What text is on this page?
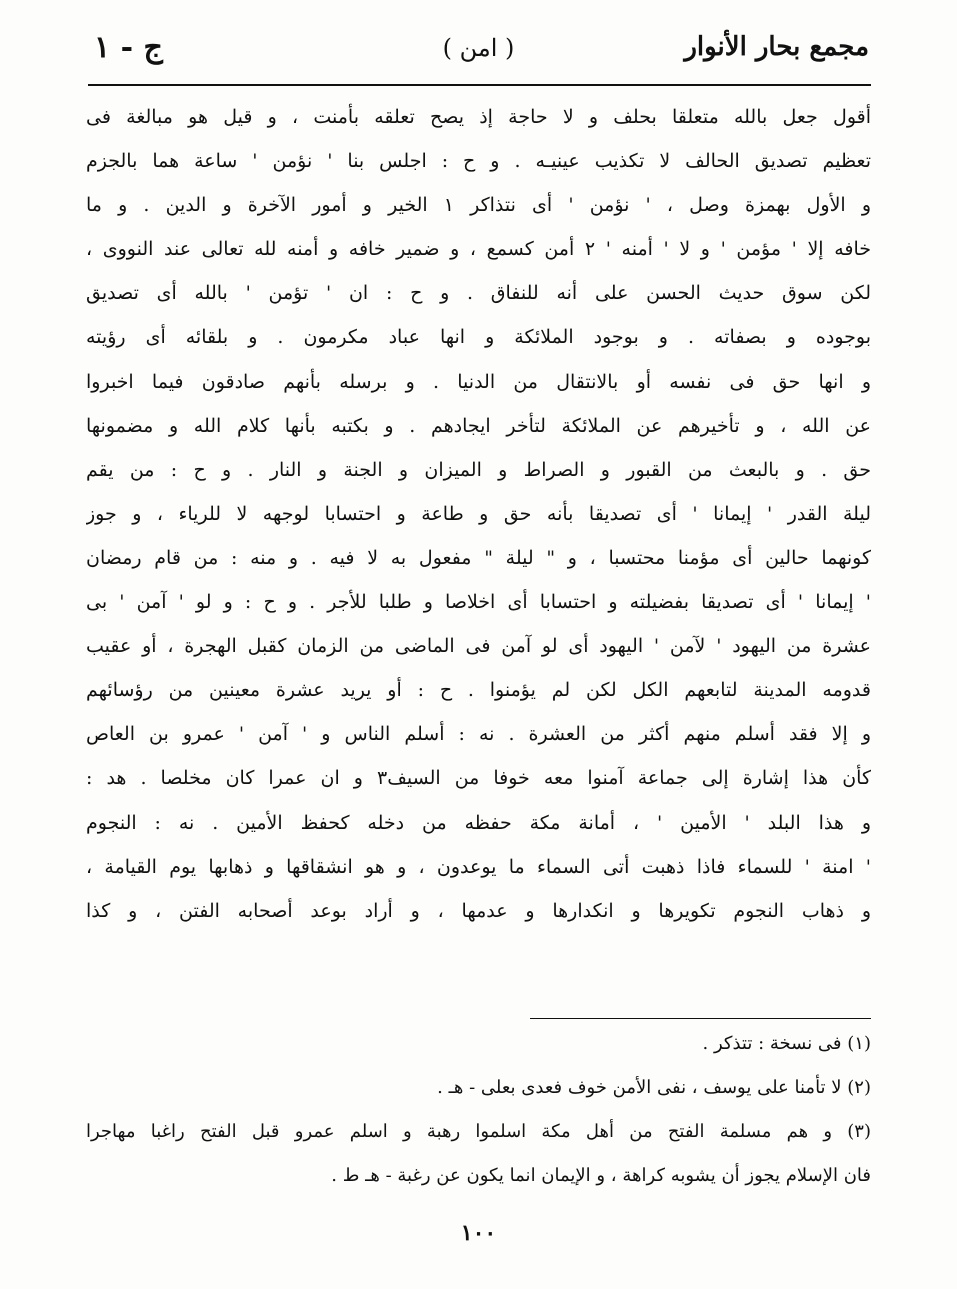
مجمع بحار الأنوار
( امن )
ج - ١
أقول جعل بالله متعلقا بحلف و لا حاجة إذ يصح تعلقه بأمنت ، و قيل هو مبالغة فى
تعظيم تصديق الحالف لا تكذيب عينيـه . و ح : اجلس بنا ' نؤمن ' ساعة هما بالجزم
و الأول بهمزة وصل ، ' نؤمن ' أى نتذاكر ١ الخير و أمور الآخرة و الدين . و ما
خافه إلا ' مؤمن ' و لا ' أمنه ' ٢ أمن كسمع ، و ضمير خافه و أمنه لله تعالى عند النووى ،
لكن سوق حديث الحسن على أنه للنفاق . و ح : ان ' تؤمن ' بالله أى تصديق
بوجوده و بصفاته . و بوجود الملائكة و انها عباد مكرمون . و بلقائه أى رؤيته
و انها حق فى نفسه أو بالانتقال من الدنيا . و برسله بأنهم صادقون فيما اخبروا
عن الله ، و تأخيرهم عن الملائكة لتأخر ايجادهم . و بكتبه بأنها كلام الله و مضمونها
حق . و بالبعث من القبور و الصراط و الميزان و الجنة و النار . و ح : من يقم
ليلة القدر ' إيمانا ' أى تصديقا بأنه حق و طاعة و احتسابا لوجهه لا للرياء ، و جوز
كونهما حالين أى مؤمنا محتسبا ، و " ليلة " مفعول به لا فيه . و منه : من قام رمضان
' إيمانا ' أى تصديقا بفضيلته و احتسابا أى اخلاصا و طلبا للأجر . و ح : و لو ' آمن ' بى
عشرة من اليهود ' لآمن ' اليهود أى لو آمن فى الماضى من الزمان كقبل الهجرة ، أو عقيب
قدومه المدينة لتابعهم الكل لكن لم يؤمنوا . ح : أو يريد عشرة معينين من رؤسائهم
و إلا فقد أسلم منهم أكثر من العشرة . نه : أسلم الناس و ' آمن ' عمرو بن العاص
كأن هذا إشارة إلى جماعة آمنوا معه خوفا من السيف٣ و ان عمرا كان مخلصا . هد :
و هذا البلد ' الأمين ' ، أمانة مكة حفظه من دخله كحفظ الأمين . نه : النجوم
' امنة ' للسماء فاذا ذهبت أتى السماء ما يوعدون ، و هو انشقاقها و ذهابها يوم القيامة ،
و ذهاب النجوم تكويرها و انكدارها و عدمها ، و أراد بوعد أصحابه الفتن ، و كذا
(١) فى نسخة : تتذكر .
(٢) لا تأمنا على يوسف ، نفى الأمن خوف فعدى بعلى - هـ .
(٣) و هم مسلمة الفتح من أهل مكة اسلموا رهبة و اسلم عمرو قبل الفتح راغبا مهاجرا
فان الإسلام يجوز أن يشوبه كراهة ، و الإيمان انما يكون عن رغبة - هـ ط .
١٠٠
